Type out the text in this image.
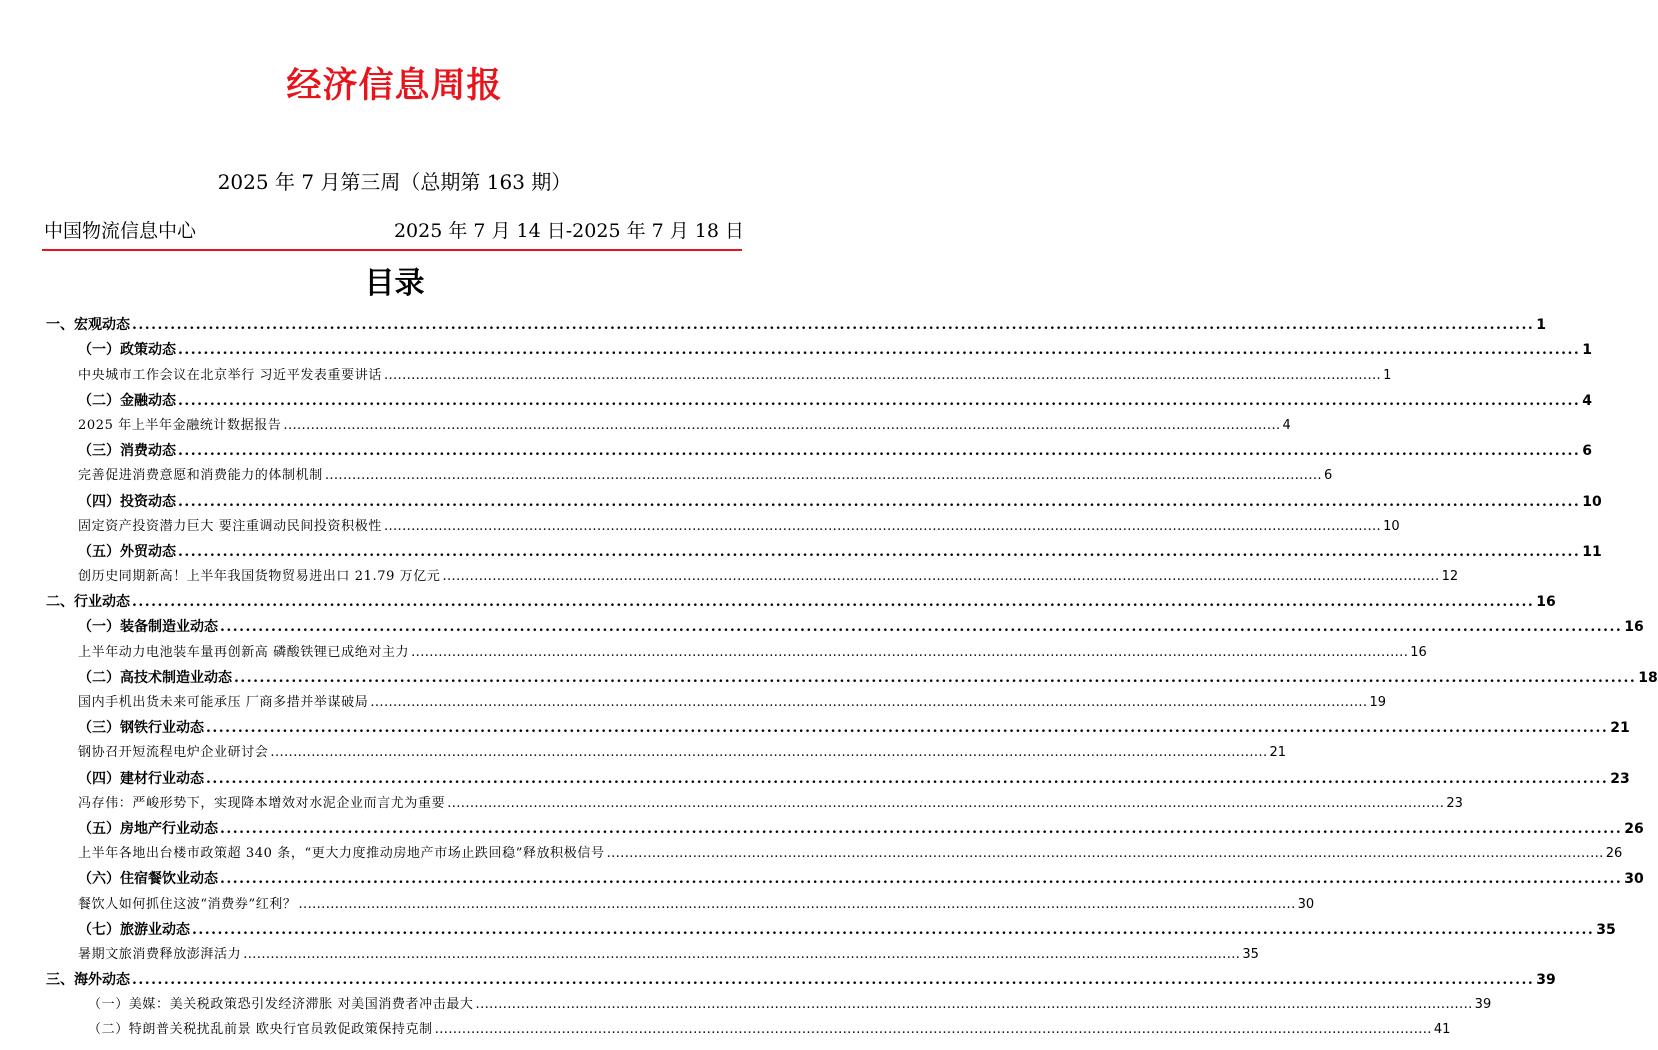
经济信息周报
2025 年 7 月第三周（总期第 163 期）
中国物流信息中心	2025 年 7 月 14 日-2025 年 7 月 18 日
目录
一、宏观动态 ............................................................................................................................................................................................................................ 1
（一）政策动态 ............................................................................................................................................................................................................................ 1
中央城市工作会议在北京举行 习近平发表重要讲话 ............................................................................................................................................................................................................................ 1
（二）金融动态 ............................................................................................................................................................................................................................ 4
2025 年上半年金融统计数据报告 ............................................................................................................................................................................................................................ 4
（三）消费动态 ............................................................................................................................................................................................................................ 6
完善促进消费意愿和消费能力的体制机制 ............................................................................................................................................................................................................................ 6
（四）投资动态 ............................................................................................................................................................................................................................ 10
固定资产投资潜力巨大 要注重调动民间投资积极性 ............................................................................................................................................................................................................................ 10
（五）外贸动态 ............................................................................................................................................................................................................................ 11
创历史同期新高！上半年我国货物贸易进出口 21.79 万亿元 ............................................................................................................................................................................................................................ 12
二、行业动态 ............................................................................................................................................................................................................................ 16
（一）装备制造业动态 ............................................................................................................................................................................................................................ 16
上半年动力电池装车量再创新高 磷酸铁锂已成绝对主力 ............................................................................................................................................................................................................................ 16
（二）高技术制造业动态 ............................................................................................................................................................................................................................ 18
国内手机出货未来可能承压 厂商多措并举谋破局 ............................................................................................................................................................................................................................ 19
（三）钢铁行业动态 ............................................................................................................................................................................................................................ 21
钢协召开短流程电炉企业研讨会 ............................................................................................................................................................................................................................ 21
（四）建材行业动态 ............................................................................................................................................................................................................................ 23
冯存伟：严峻形势下，实现降本增效对水泥企业而言尤为重要 ............................................................................................................................................................................................................................ 23
（五）房地产行业动态 ............................................................................................................................................................................................................................ 26
上半年各地出台楼市政策超 340 条，“更大力度推动房地产市场止跌回稳”释放积极信号 ............................................................................................................................................................................................................................ 26
（六）住宿餐饮业动态 ............................................................................................................................................................................................................................ 30
餐饮人如何抓住这波“消费券”红利？ ............................................................................................................................................................................................................................ 30
（七）旅游业动态 ............................................................................................................................................................................................................................ 35
暑期文旅消费释放澎湃活力 ............................................................................................................................................................................................................................ 35
三、海外动态 ............................................................................................................................................................................................................................ 39
（一）美媒：美关税政策恐引发经济滞胀 对美国消费者冲击最大 ............................................................................................................................................................................................................................ 39
（二）特朗普关税扰乱前景 欧央行官员敦促政策保持克制 ............................................................................................................................................................................................................................ 41
